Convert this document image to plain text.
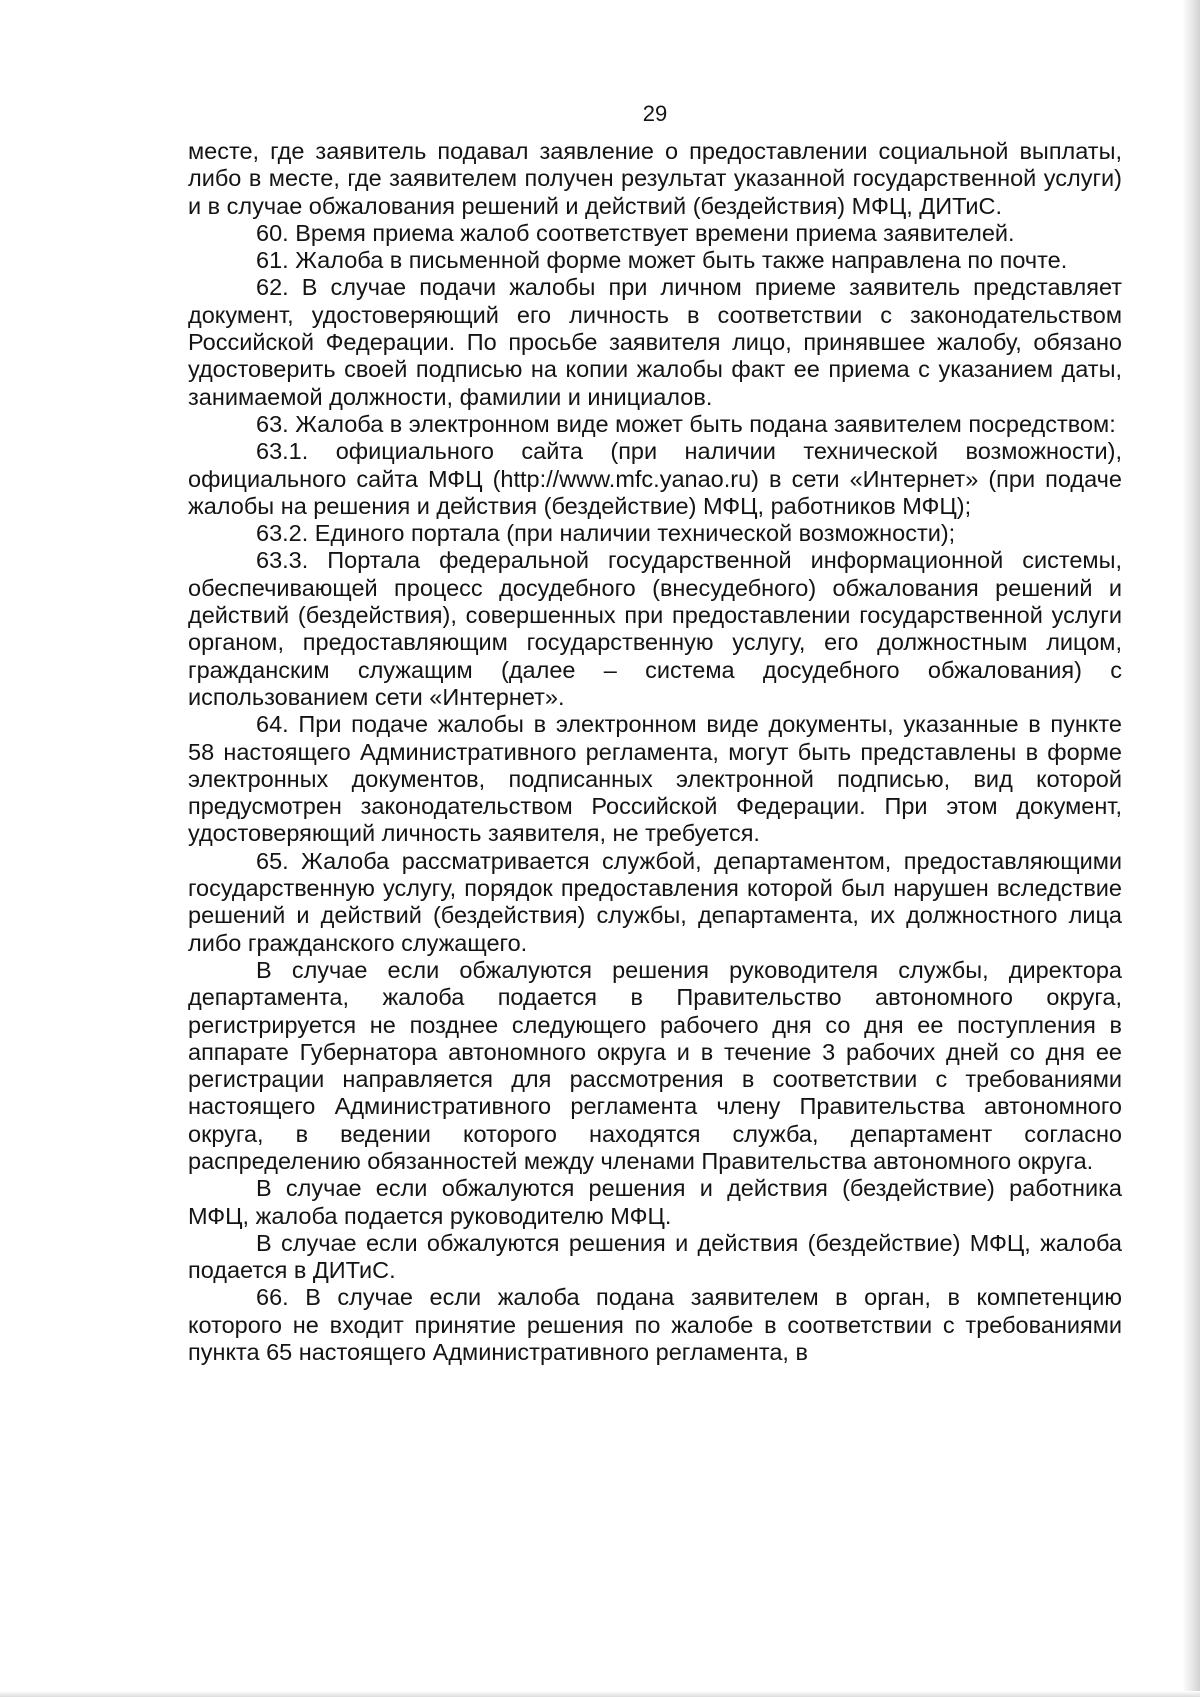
29

месте, где заявитель подавал заявление о предоставлении социальной выплаты, либо в месте, где заявителем получен результат указанной государственной услуги) и в случае обжалования решений и действий (бездействия) МФЦ, ДИТиС.

60. Время приема жалоб соответствует времени приема заявителей.

61. Жалоба в письменной форме может быть также направлена по почте.

62. В случае подачи жалобы при личном приеме заявитель представляет документ, удостоверяющий его личность в соответствии с законодательством Российской Федерации. По просьбе заявителя лицо, принявшее жалобу, обязано удостоверить своей подписью на копии жалобы факт ее приема с указанием даты, занимаемой должности, фамилии и инициалов.

63. Жалоба в электронном виде может быть подана заявителем посредством:

63.1. официального сайта (при наличии технической возможности), официального сайта МФЦ (http://www.mfc.yanao.ru) в сети «Интернет» (при подаче жалобы на решения и действия (бездействие) МФЦ, работников МФЦ);

63.2. Единого портала (при наличии технической возможности);

63.3. Портала федеральной государственной информационной системы, обеспечивающей процесс досудебного (внесудебного) обжалования решений и действий (бездействия), совершенных при предоставлении государственной услуги органом, предоставляющим государственную услугу, его должностным лицом, гражданским служащим (далее – система досудебного обжалования) с использованием сети «Интернет».

64. При подаче жалобы в электронном виде документы, указанные в пункте 58 настоящего Административного регламента, могут быть представлены в форме электронных документов, подписанных электронной подписью, вид которой предусмотрен законодательством Российской Федерации. При этом документ, удостоверяющий личность заявителя, не требуется.

65. Жалоба рассматривается службой, департаментом, предоставляющими государственную услугу, порядок предоставления которой был нарушен вследствие решений и действий (бездействия) службы, департамента, их должностного лица либо гражданского служащего.

В случае если обжалуются решения руководителя службы, директора департамента, жалоба подается в Правительство автономного округа, регистрируется не позднее следующего рабочего дня со дня ее поступления в аппарате Губернатора автономного округа и в течение 3 рабочих дней со дня ее регистрации направляется для рассмотрения в соответствии с требованиями настоящего Административного регламента члену Правительства автономного округа, в ведении которого находятся служба, департамент согласно распределению обязанностей между членами Правительства автономного округа.

В случае если обжалуются решения и действия (бездействие) работника МФЦ, жалоба подается руководителю МФЦ.

В случае если обжалуются решения и действия (бездействие) МФЦ, жалоба подается в ДИТиС.

66. В случае если жалоба подана заявителем в орган, в компетенцию которого не входит принятие решения по жалобе в соответствии с требованиями пункта 65 настоящего Административного регламента, в
